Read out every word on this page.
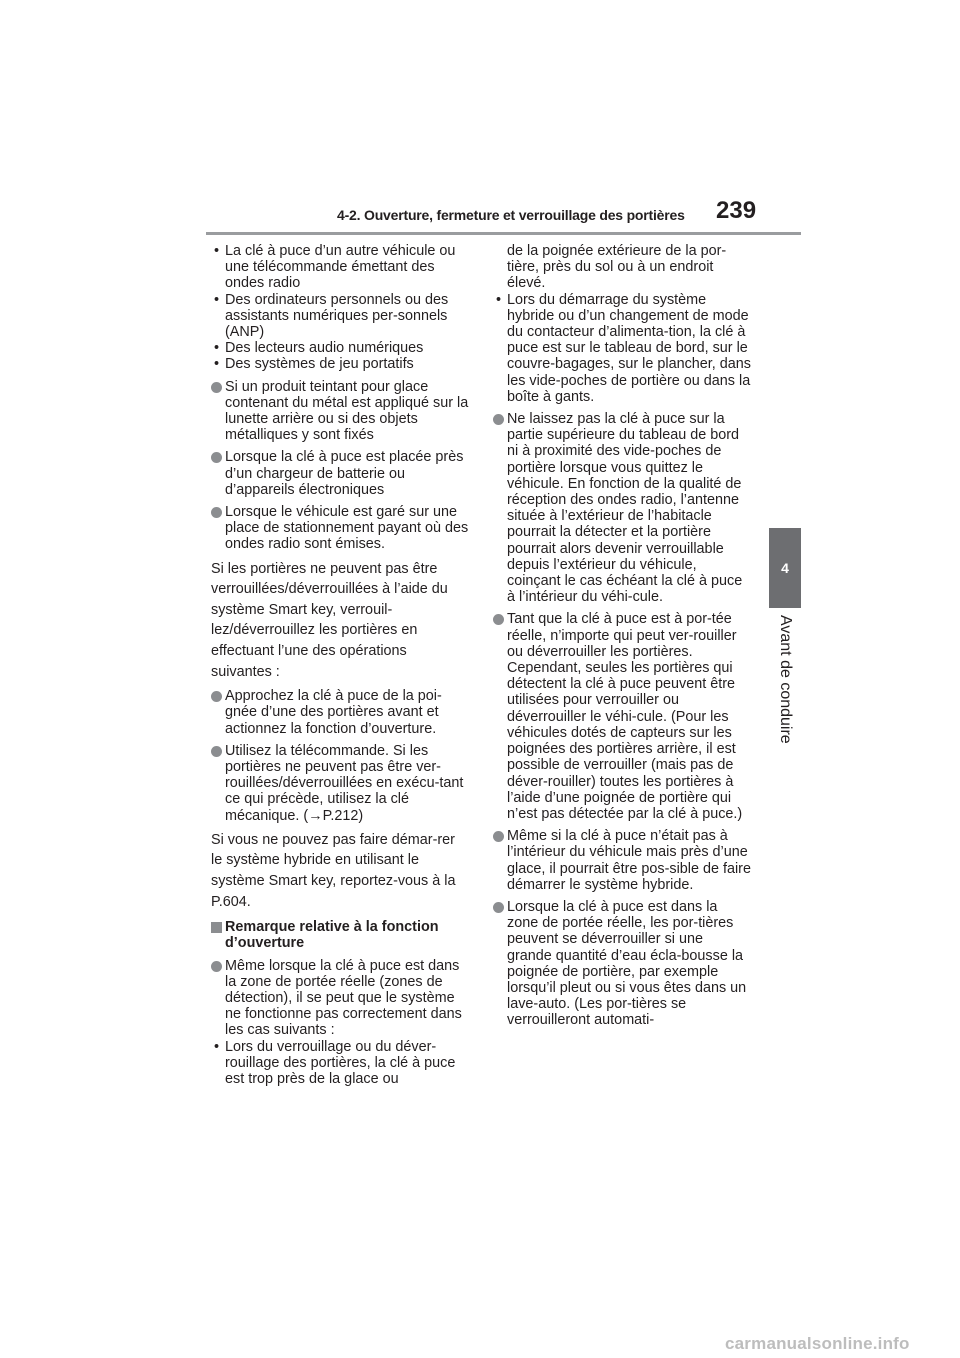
4-2. Ouverture, fermeture et verrouillage des portières 239
4
Avant de conduire
• La clé à puce d’un autre véhicule ou une télécommande émettant des ondes radio
• Des ordinateurs personnels ou des assistants numériques per-sonnels (ANP)
• Des lecteurs audio numériques
• Des systèmes de jeu portatifs
Si un produit teintant pour glace contenant du métal est appliqué sur la lunette arrière ou si des objets métalliques y sont fixés
Lorsque la clé à puce est placée près d’un chargeur de batterie ou d’appareils électroniques
Lorsque le véhicule est garé sur une place de stationnement payant où des ondes radio sont émises.
Si les portières ne peuvent pas être verrouillées/déverrouillées à l’aide du système Smart key, verrouil-lez/déverrouillez les portières en effectuant l’une des opérations suivantes :
Approchez la clé à puce de la poi-gnée d’une des portières avant et actionnez la fonction d’ouverture.
Utilisez la télécommande. Si les portières ne peuvent pas être ver-rouillées/déverrouillées en exécu-tant ce qui précède, utilisez la clé mécanique. (→P.212)
Si vous ne pouvez pas faire démar-rer le système hybride en utilisant le système Smart key, reportez-vous à la P.604.
Remarque relative à la fonction d’ouverture
Même lorsque la clé à puce est dans la zone de portée réelle (zones de détection), il se peut que le système ne fonctionne pas correctement dans les cas suivants :
• Lors du verrouillage ou du déver-rouillage des portières, la clé à puce est trop près de la glace ou
de la poignée extérieure de la por-tière, près du sol ou à un endroit élevé.
• Lors du démarrage du système hybride ou d’un changement de mode du contacteur d’alimenta-tion, la clé à puce est sur le tableau de bord, sur le couvre-bagages, sur le plancher, dans les vide-poches de portière ou dans la boîte à gants.
Ne laissez pas la clé à puce sur la partie supérieure du tableau de bord ni à proximité des vide-poches de portière lorsque vous quittez le véhicule. En fonction de la qualité de réception des ondes radio, l’antenne située à l’extérieur de l’habitacle pourrait la détecter et la portière pourrait alors devenir verrouillable depuis l’extérieur du véhicule, coinçant le cas échéant la clé à puce à l’intérieur du véhi-cule.
Tant que la clé à puce est à por-tée réelle, n’importe qui peut ver-rouiller ou déverrouiller les portières. Cependant, seules les portières qui détectent la clé à puce peuvent être utilisées pour verrouiller ou déverrouiller le véhi-cule. (Pour les véhicules dotés de capteurs sur les poignées des portières arrière, il est possible de verrouiller (mais pas de déver-rouiller) toutes les portières à l’aide d’une poignée de portière qui n’est pas détectée par la clé à puce.)
Même si la clé à puce n’était pas à l’intérieur du véhicule mais près d’une glace, il pourrait être pos-sible de faire démarrer le système hybride.
Lorsque la clé à puce est dans la zone de portée réelle, les por-tières peuvent se déverrouiller si une grande quantité d’eau écla-bousse la poignée de portière, par exemple lorsqu’il pleut ou si vous êtes dans un lave-auto. (Les por-tières se verrouilleront automati-
carmanualsonline.info
